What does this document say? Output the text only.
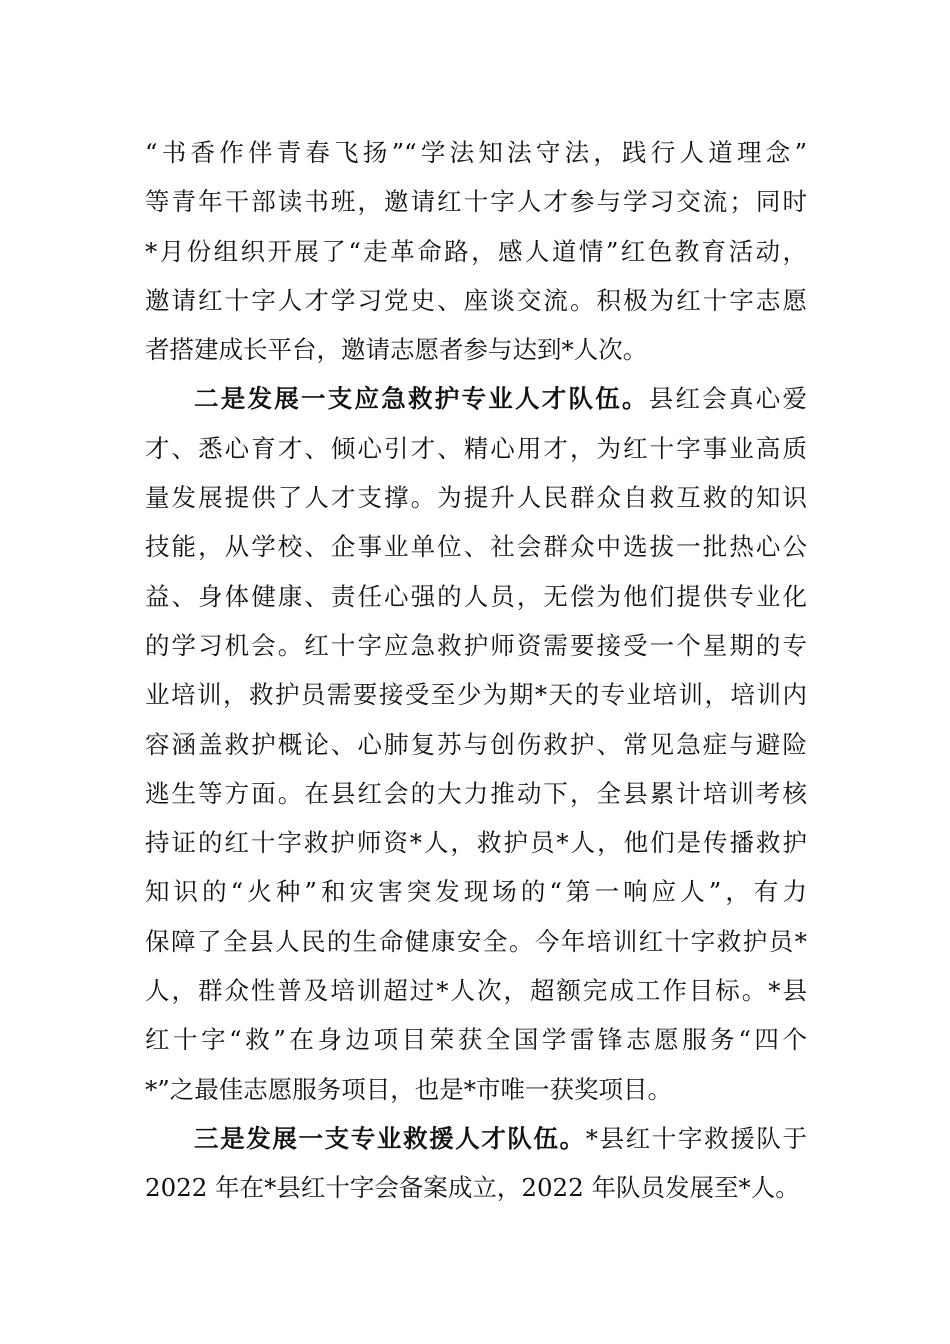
“书香作伴青春飞扬”“学法知法守法，践行人道理念”
等青年干部读书班，邀请红十字人才参与学习交流；同时
*月份组织开展了“走革命路，感人道情”红色教育活动，
邀请红十字人才学习党史、座谈交流。积极为红十字志愿
者搭建成长平台，邀请志愿者参与达到*人次。
二是发展一支应急救护专业人才队伍。县红会真心爱
才、悉心育才、倾心引才、精心用才，为红十字事业高质
量发展提供了人才支撑。为提升人民群众自救互救的知识
技能，从学校、企事业单位、社会群众中选拔一批热心公
益、身体健康、责任心强的人员，无偿为他们提供专业化
的学习机会。红十字应急救护师资需要接受一个星期的专
业培训，救护员需要接受至少为期*天的专业培训，培训内
容涵盖救护概论、心肺复苏与创伤救护、常见急症与避险
逃生等方面。在县红会的大力推动下，全县累计培训考核
持证的红十字救护师资*人，救护员*人，他们是传播救护
知识的“火种”和灾害突发现场的“第一响应人”，有力
保障了全县人民的生命健康安全。今年培训红十字救护员*
人，群众性普及培训超过*人次，超额完成工作目标。*县
红十字“救”在身边项目荣获全国学雷锋志愿服务“四个
*”之最佳志愿服务项目，也是*市唯一获奖项目。
三是发展一支专业救援人才队伍。*县红十字救援队于
2022 年在*县红十字会备案成立，2022 年队员发展至*人。
